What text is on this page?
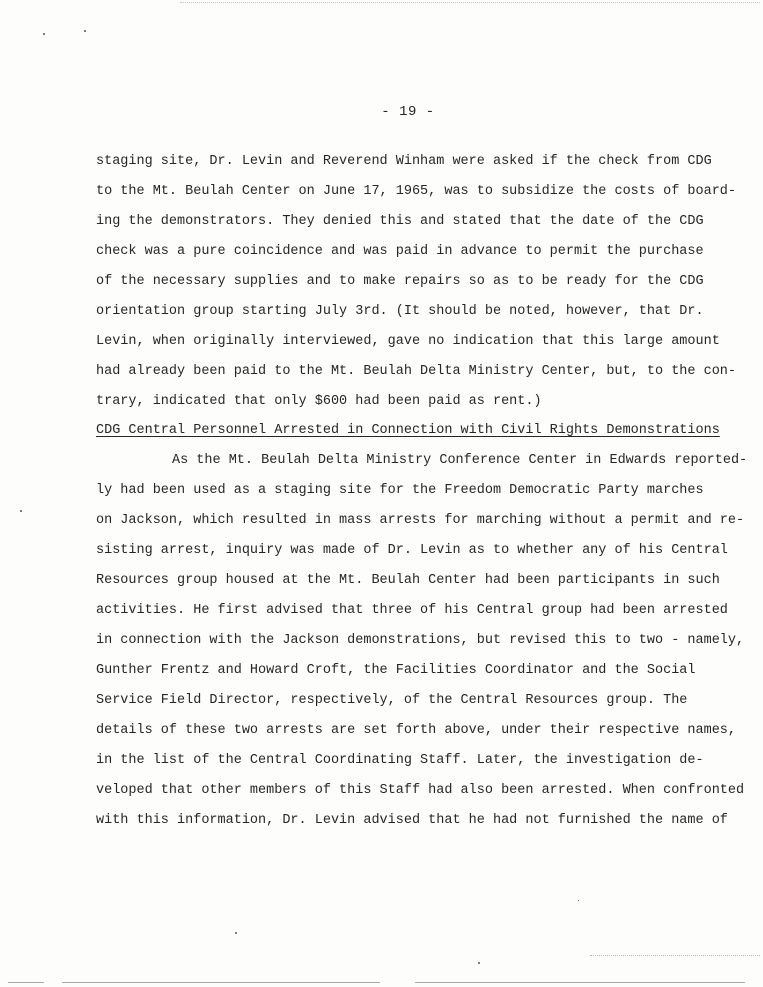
- 19 -
staging site, Dr. Levin and Reverend Winham were asked if the check from CDG
to the Mt. Beulah Center on June 17, 1965, was to subsidize the costs of board-
ing the demonstrators. They denied this and stated that the date of the CDG
check was a pure coincidence and was paid in advance to permit the purchase
of the necessary supplies and to make repairs so as to be ready for the CDG
orientation group starting July 3rd. (It should be noted, however, that Dr.
Levin, when originally interviewed, gave no indication that this large amount
had already been paid to the Mt. Beulah Delta Ministry Center, but, to the con-
trary, indicated that only $600 had been paid as rent.)
CDG Central Personnel Arrested in Connection with Civil Rights Demonstrations
As the Mt. Beulah Delta Ministry Conference Center in Edwards reported-
ly had been used as a staging site for the Freedom Democratic Party marches
on Jackson, which resulted in mass arrests for marching without a permit and re-
sisting arrest, inquiry was made of Dr. Levin as to whether any of his Central
Resources group housed at the Mt. Beulah Center had been participants in such
activities. He first advised that three of his Central group had been arrested
in connection with the Jackson demonstrations, but revised this to two - namely,
Gunther Frentz and Howard Croft, the Facilities Coordinator and the Social
Service Field Director, respectively, of the Central Resources group. The
details of these two arrests are set forth above, under their respective names,
in the list of the Central Coordinating Staff. Later, the investigation de-
veloped that other members of this Staff had also been arrested. When confronted
with this information, Dr. Levin advised that he had not furnished the name of
